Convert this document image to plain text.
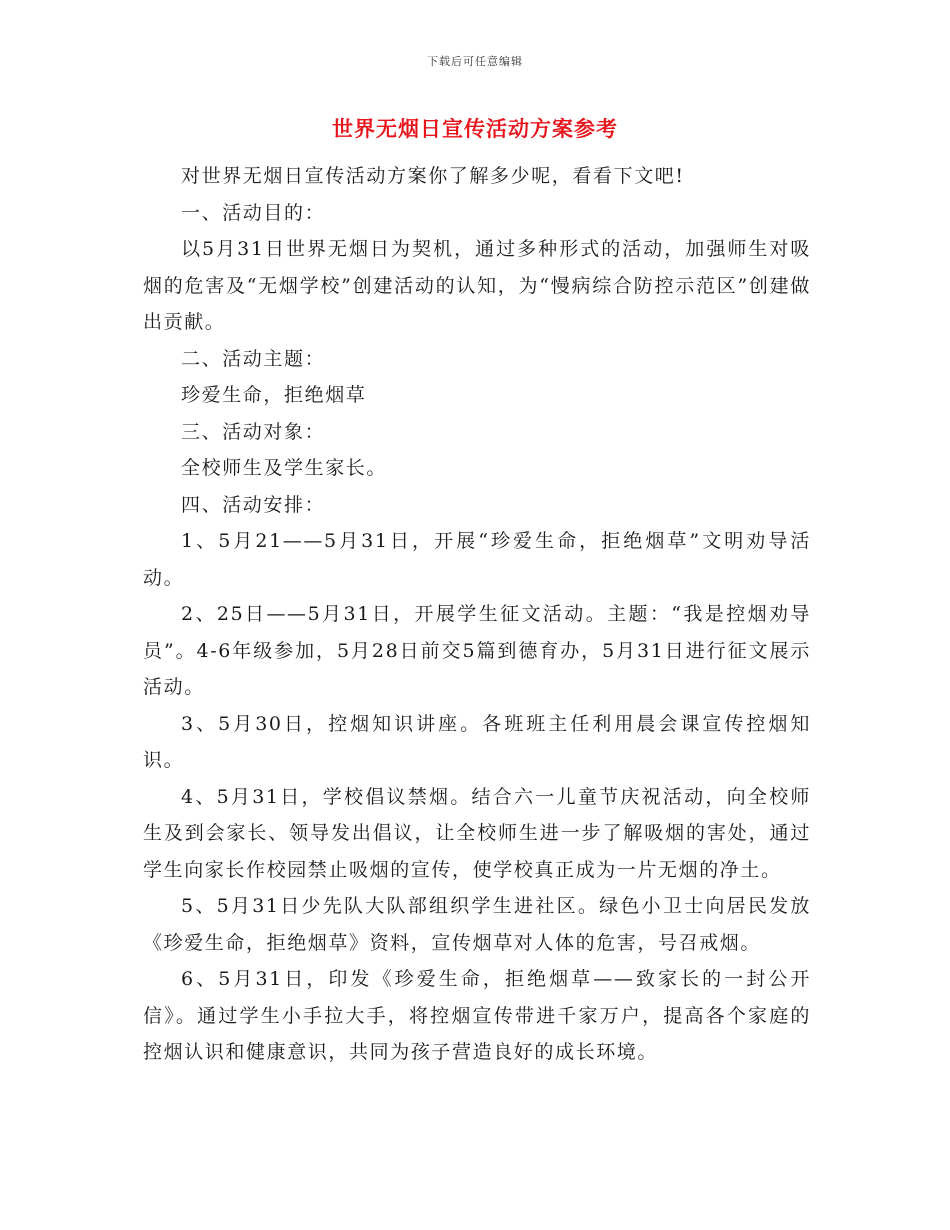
下载后可任意编辑
世界无烟日宣传活动方案参考

对世界无烟日宣传活动方案你了解多少呢，看看下文吧!

一、活动目的：

以5月31日世界无烟日为契机，通过多种形式的活动，加强师生对吸烟的危害及“无烟学校”创建活动的认知，为“慢病综合防控示范区”创建做出贡献。

二、活动主题：

珍爱生命，拒绝烟草

三、活动对象：

全校师生及学生家长。

四、活动安排：

1、5月21——5月31日，开展“珍爱生命，拒绝烟草”文明劝导活动。

2、25日——5月31日，开展学生征文活动。主题：“我是控烟劝导员”。4-6年级参加，5月28日前交5篇到德育办，5月31日进行征文展示活动。

3、5月30日，控烟知识讲座。各班班主任利用晨会课宣传控烟知识。

4、5月31日，学校倡议禁烟。结合六一儿童节庆祝活动，向全校师生及到会家长、领导发出倡议，让全校师生进一步了解吸烟的害处，通过学生向家长作校园禁止吸烟的宣传，使学校真正成为一片无烟的净土。

5、5月31日少先队大队部组织学生进社区。绿色小卫士向居民发放《珍爱生命，拒绝烟草》资料，宣传烟草对人体的危害，号召戒烟。

6、5月31日，印发《珍爱生命，拒绝烟草——致家长的一封公开信》。通过学生小手拉大手，将控烟宣传带进千家万户，提高各个家庭的控烟认识和健康意识，共同为孩子营造良好的成长环境。
